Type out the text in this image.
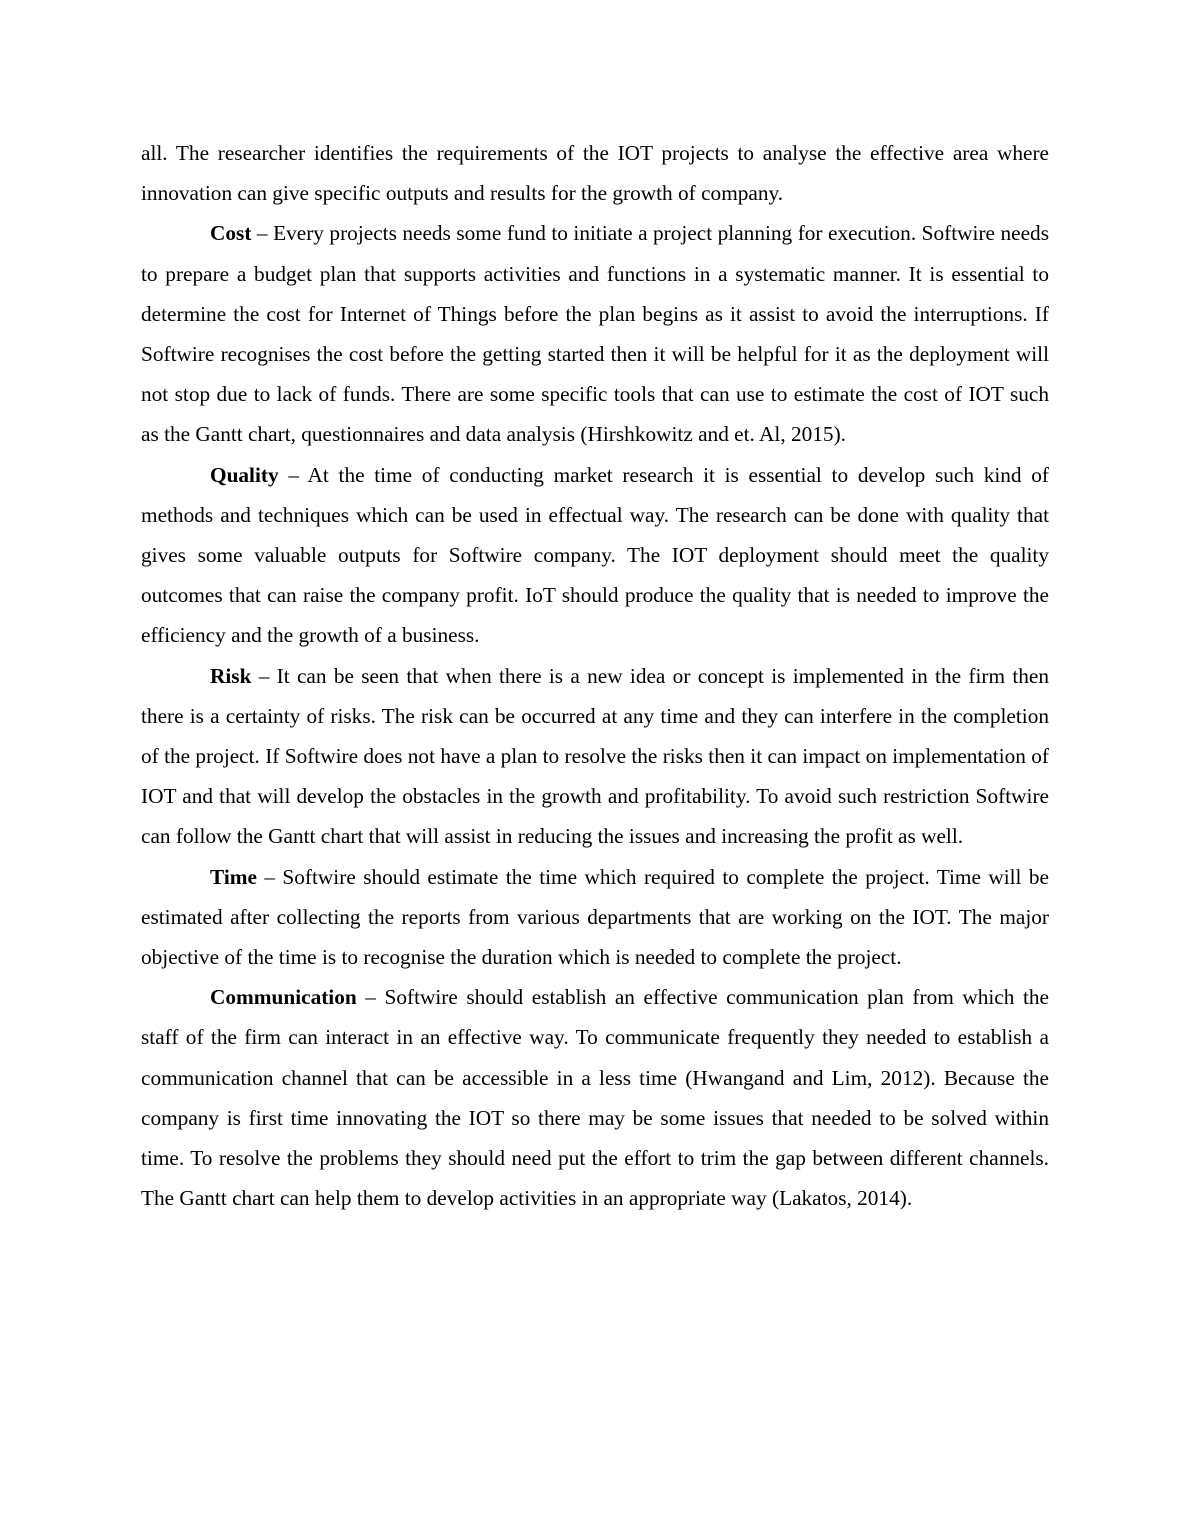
all. The researcher identifies the requirements of the IOT projects to analyse the effective area where innovation can give specific outputs and results for the growth of company.

Cost – Every projects needs some fund to initiate a project planning for execution. Softwire needs to prepare a budget plan that supports activities and functions in a systematic manner. It is essential to determine the cost for Internet of Things before the plan begins as it assist to avoid the interruptions. If Softwire recognises the cost before the getting started then it will be helpful for it as the deployment will not stop due to lack of funds. There are some specific tools that can use to estimate the cost of IOT such as the Gantt chart, questionnaires and data analysis (Hirshkowitz and et. Al, 2015).

Quality – At the time of conducting market research it is essential to develop such kind of methods and techniques which can be used in effectual way. The research can be done with quality that gives some valuable outputs for Softwire company. The IOT deployment should meet the quality outcomes that can raise the company profit. IoT should produce the quality that is needed to improve the efficiency and the growth of a business.

Risk – It can be seen that when there is a new idea or concept is implemented in the firm then there is a certainty of risks. The risk can be occurred at any time and they can interfere in the completion of the project. If Softwire does not have a plan to resolve the risks then it can impact on implementation of IOT and that will develop the obstacles in the growth and profitability. To avoid such restriction Softwire can follow the Gantt chart that will assist in reducing the issues and increasing the profit as well.

Time – Softwire should estimate the time which required to complete the project. Time will be estimated after collecting the reports from various departments that are working on the IOT. The major objective of the time is to recognise the duration which is needed to complete the project.

Communication – Softwire should establish an effective communication plan from which the staff of the firm can interact in an effective way. To communicate frequently they needed to establish a communication channel that can be accessible in a less time (Hwangand and Lim, 2012). Because the company is first time innovating the IOT so there may be some issues that needed to be solved within time. To resolve the problems they should need put the effort to trim the gap between different channels. The Gantt chart can help them to develop activities in an appropriate way (Lakatos, 2014).
